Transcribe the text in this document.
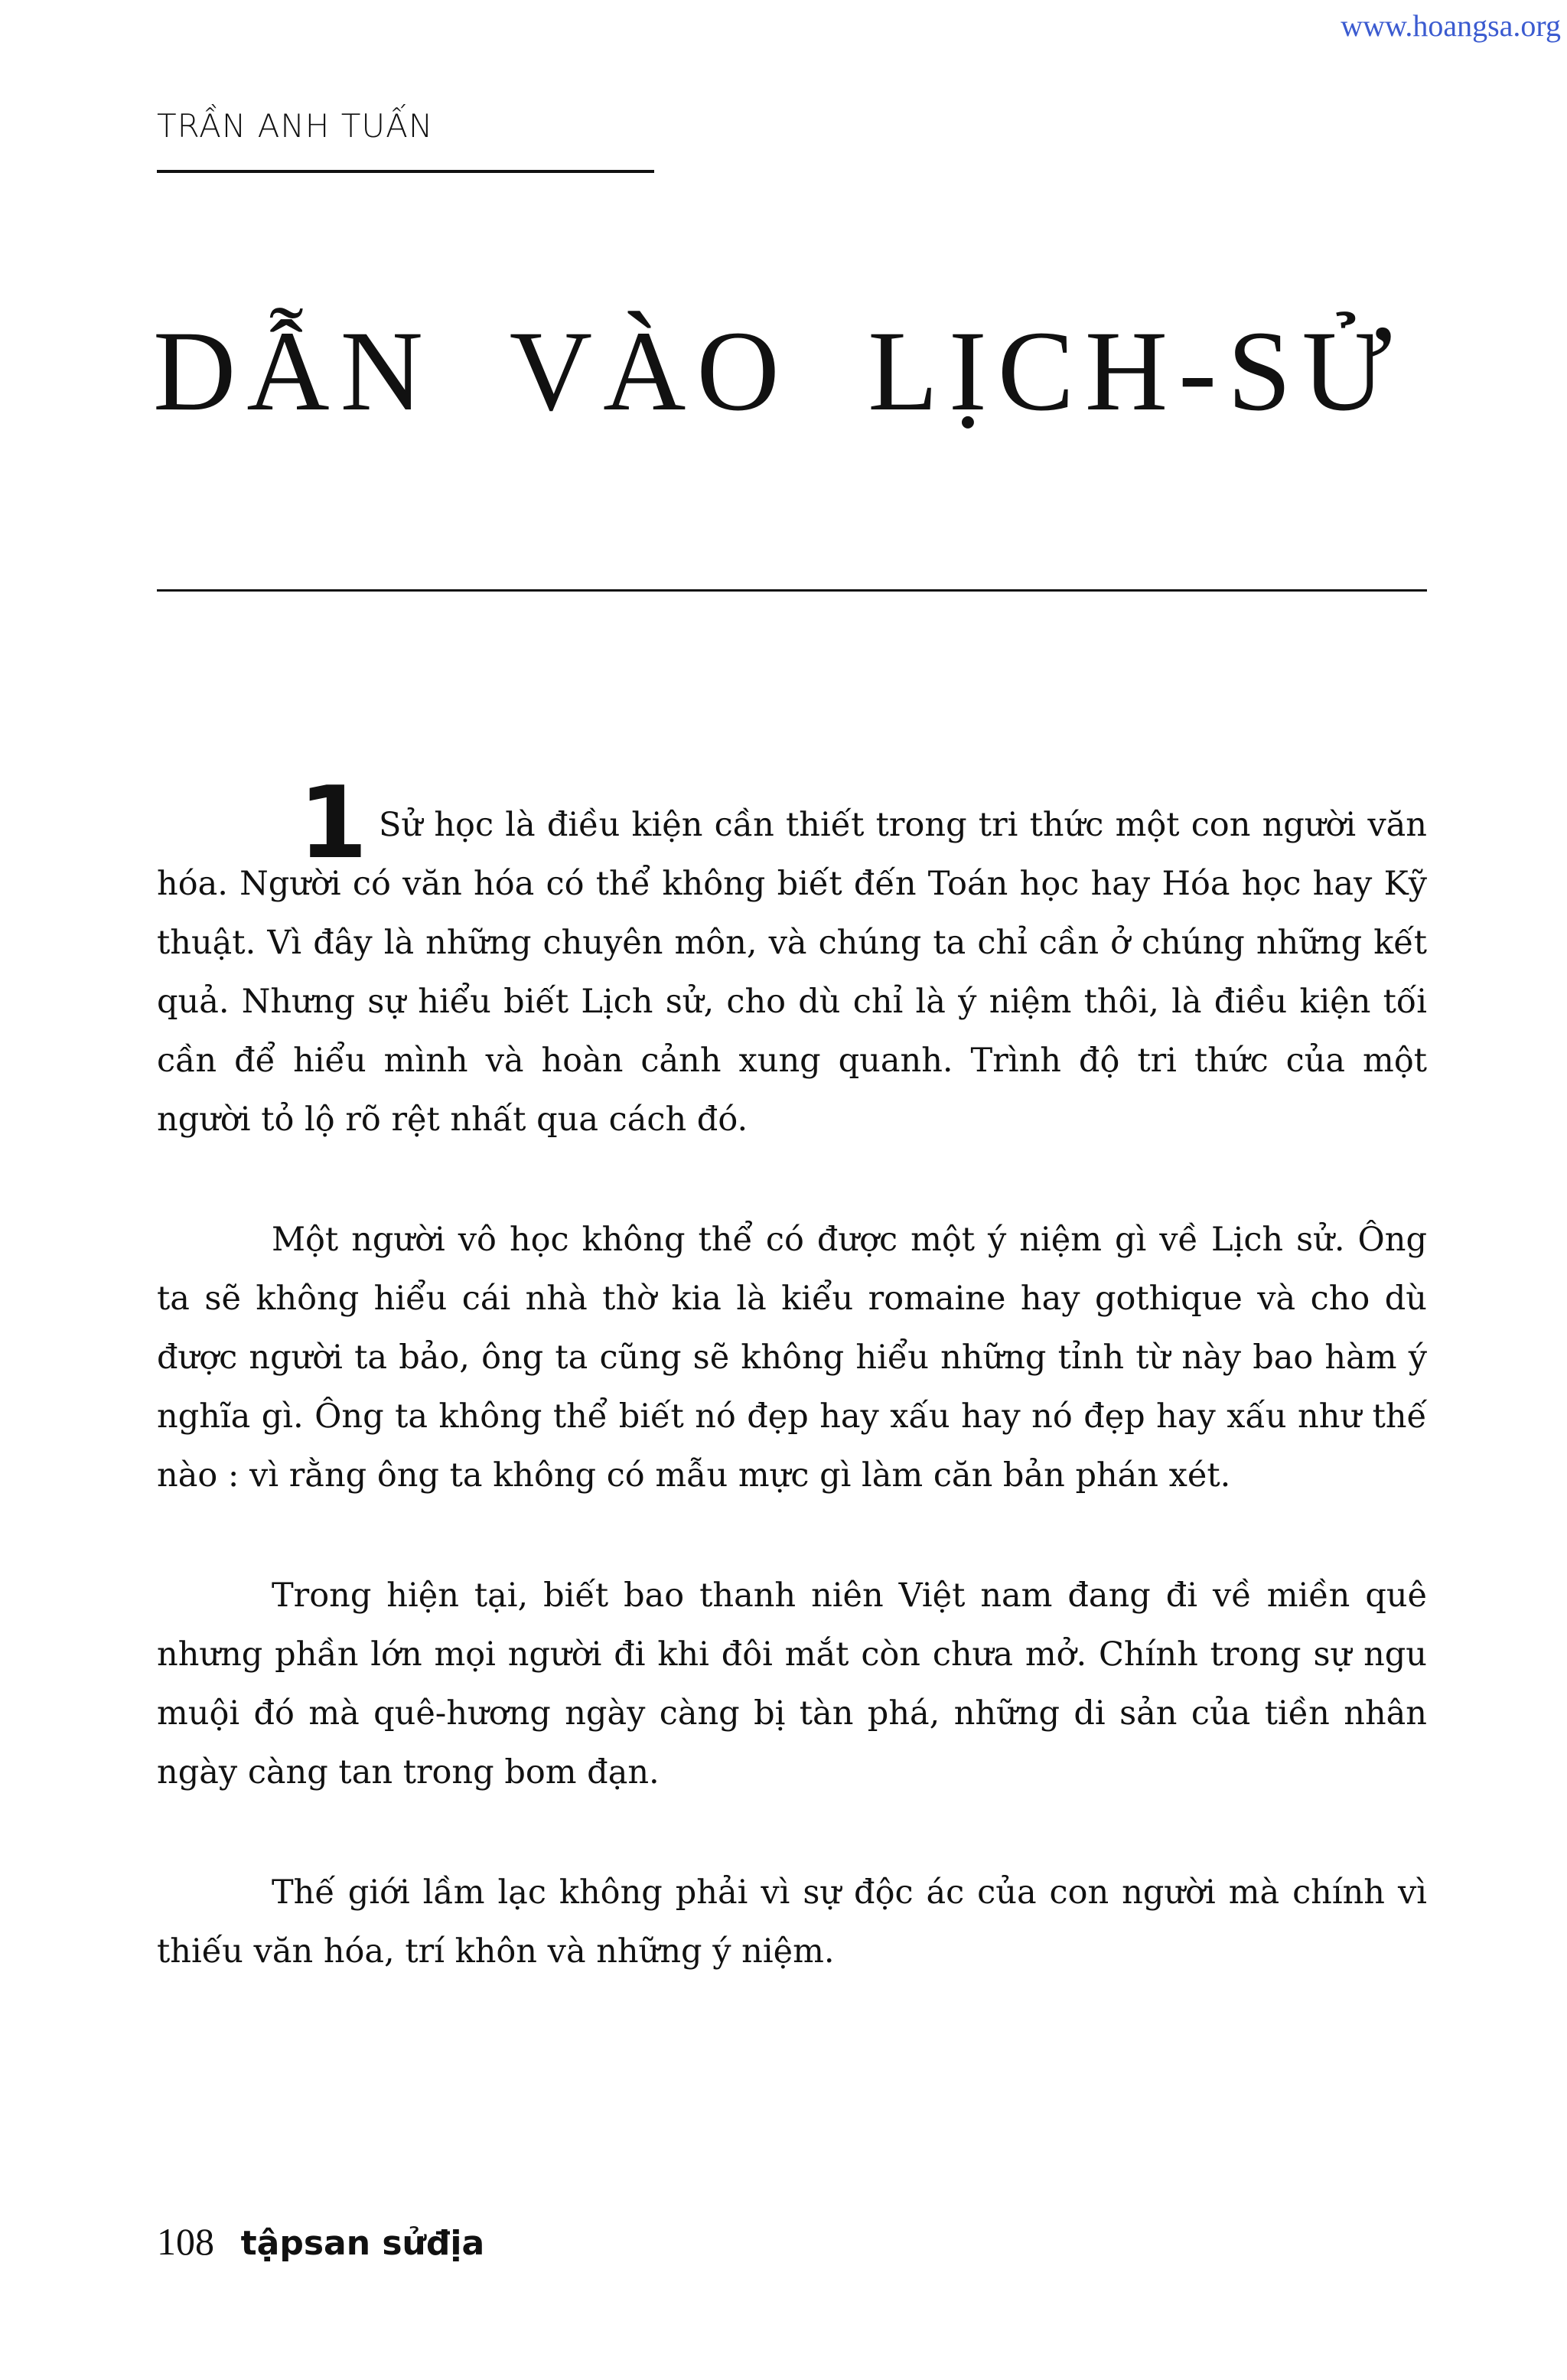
www.hoangsa.org
TRẦN ANH TUẤN
DẪN VÀO LỊCH-SỬ
1 Sử học là điều kiện cần thiết trong tri thức một con người văn hóa. Người có văn hóa có thể không biết đến Toán học hay Hóa học hay Kỹ thuật. Vì đây là những chuyên môn, và chúng ta chỉ cần ở chúng những kết quả. Nhưng sự hiểu biết Lịch sử, cho dù chỉ là ý niệm thôi, là điều kiện tối cần để hiểu mình và hoàn cảnh xung quanh. Trình độ tri thức của một người tỏ lộ rõ rệt nhất qua cách đó.

Một người vô học không thể có được một ý niệm gì về Lịch sử. Ông ta sẽ không hiểu cái nhà thờ kia là kiểu romaine hay gothique và cho dù được người ta bảo, ông ta cũng sẽ không hiểu những tỉnh từ này bao hàm ý nghĩa gì. Ông ta không thể biết nó đẹp hay xấu hay nó đẹp hay xấu như thế nào : vì rằng ông ta không có mẫu mực gì làm căn bản phán xét.

Trong hiện tại, biết bao thanh niên Việt nam đang đi về miền quê nhưng phần lớn mọi người đi khi đôi mắt còn chưa mở. Chính trong sự ngu muội đó mà quê-hương ngày càng bị tàn phá, những di sản của tiền nhân ngày càng tan trong bom đạn.

Thế giới lầm lạc không phải vì sự độc ác của con người mà chính vì thiếu văn hóa, trí khôn và những ý niệm.

108 tậpsan sửđịa
